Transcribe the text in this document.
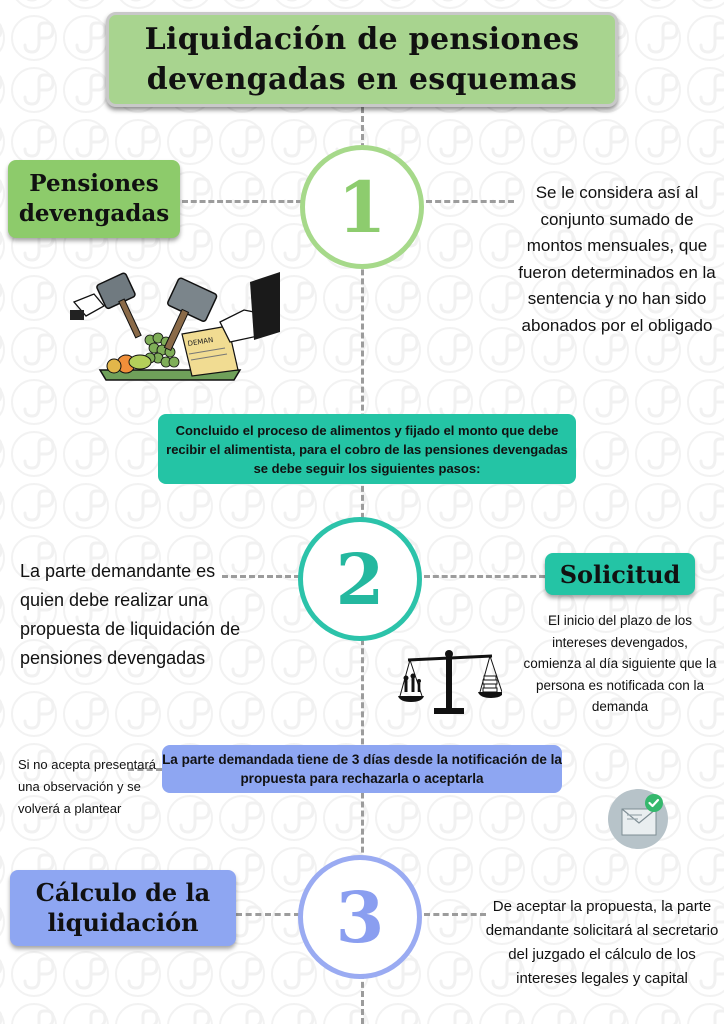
Liquidación de pensiones
devengadas en esquemas
Pensiones
devengadas 1	Se le considera así al conjunto sumado de montos mensuales, que fueron determinados en la sentencia y no han sido abonados por el obligado
DEMAN
Concluido el proceso de alimentos y fijado el monto que debe recibir el alimentista, para el cobro de las pensiones devengadas se debe seguir los siguientes pasos:
La parte demandante es quien debe realizar una propuesta de liquidación de pensiones devengadas
2	Solicitud
El inicio del plazo de los intereses devengados, comienza al día siguiente que la persona es notificada con la demanda
Si no acepta presentará una observación y se volverá a plantear
La parte demandada tiene de 3 días desde la notificación de la propuesta para rechazarla o aceptarla
Cálculo de la
liquidación 3	De aceptar la propuesta, la parte demandante solicitará al secretario del juzgado el cálculo de los intereses legales y capital
